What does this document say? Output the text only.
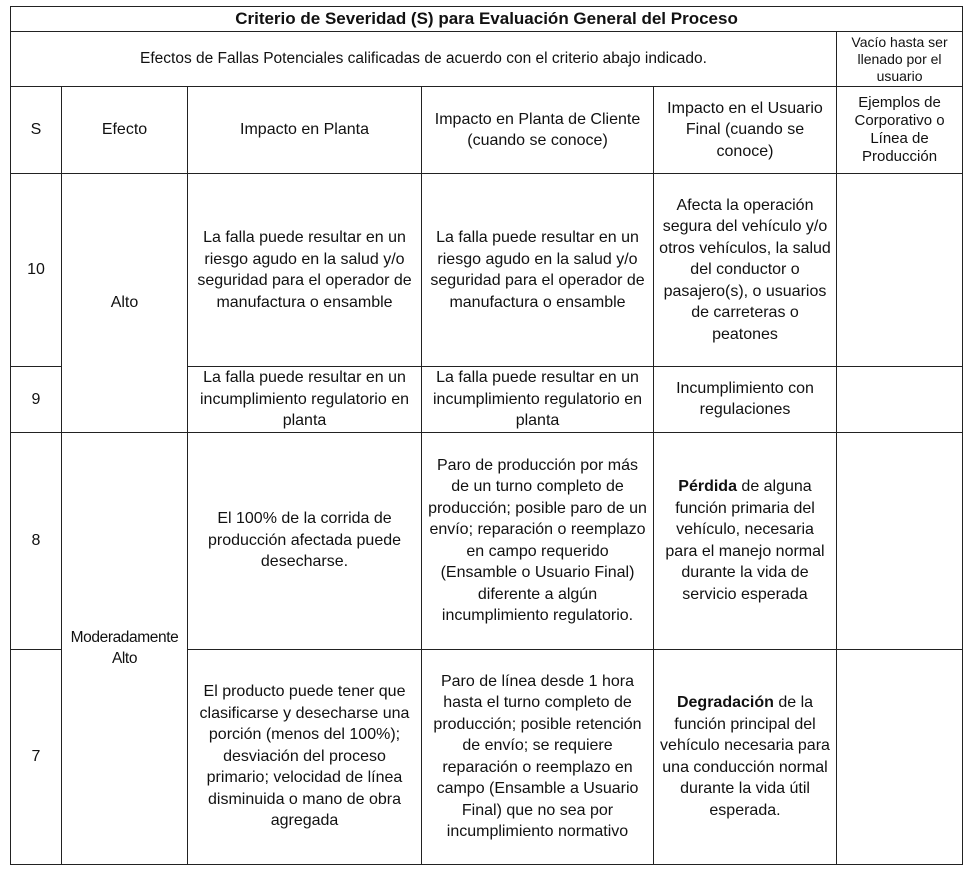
Criterio de Severidad (S) para Evaluación General del Proceso					
Efectos de Fallas Potenciales calificadas de acuerdo con el criterio abajo indicado.					Vacío hasta ser llenado por el usuario
S	Efecto	Impacto en Planta	Impacto en Planta de Cliente (cuando se conoce)	Impacto en el Usuario Final (cuando se conoce)	Ejemplos de Corporativo o Línea de Producción
10	Alto	La falla puede resultar en un riesgo agudo en la salud y/o seguridad para el operador de manufactura o ensamble	La falla puede resultar en un riesgo agudo en la salud y/o seguridad para el operador de manufactura o ensamble	Afecta la operación segura del vehículo y/o otros vehículos, la salud del conductor o pasajero(s), o usuarios de carreteras o peatones	
9		La falla puede resultar en un incumplimiento regulatorio en planta	La falla puede resultar en un incumplimiento regulatorio en planta	Incumplimiento con regulaciones	
8	Moderadamente Alto	El 100% de la corrida de producción afectada puede desecharse.	Paro de producción por más de un turno completo de producción; posible paro de un envío; reparación o reemplazo en campo requerido (Ensamble o Usuario Final) diferente a algún incumplimiento regulatorio.	Pérdida de alguna función primaria del vehículo, necesaria para el manejo normal durante la vida de servicio esperada	
7		El producto puede tener que clasificarse y desecharse una porción (menos del 100%); desviación del proceso primario; velocidad de línea disminuida o mano de obra agregada	Paro de línea desde 1 hora hasta el turno completo de producción; posible retención de envío; se requiere reparación o reemplazo en campo (Ensamble a Usuario Final) que no sea por incumplimiento normativo	Degradación de la función principal del vehículo necesaria para una conducción normal durante la vida útil esperada.	
